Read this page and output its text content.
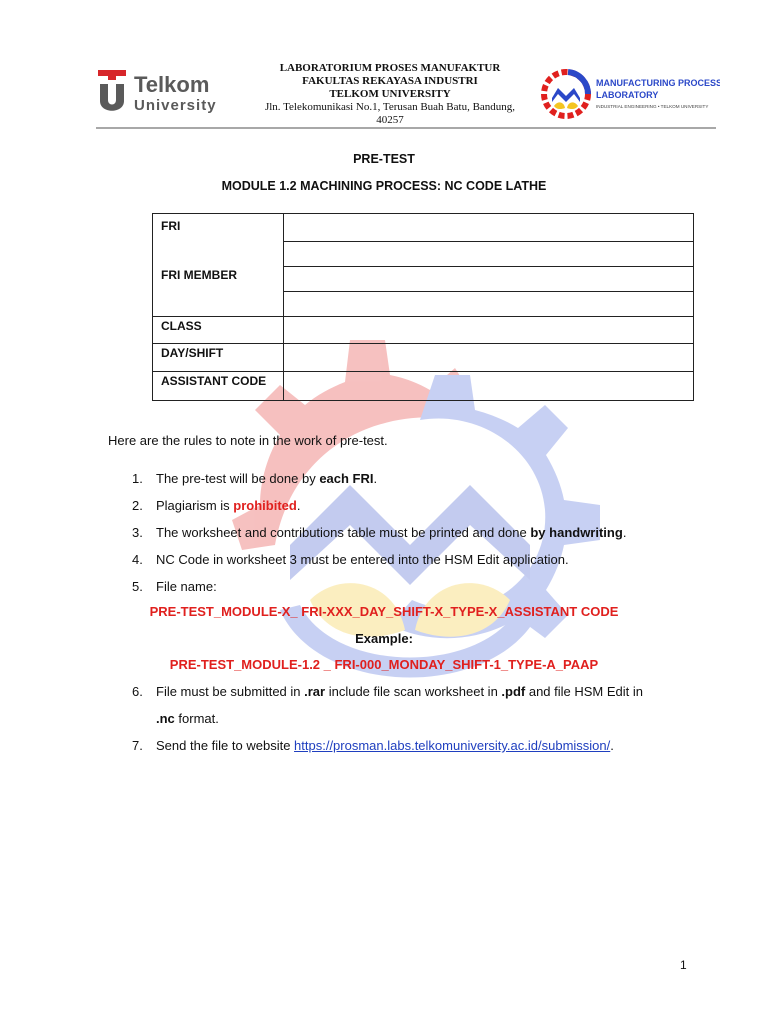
Telkom
University
LABORATORIUM PROSES MANUFAKTUR
FAKULTAS REKAYASA INDUSTRI
TELKOM UNIVERSITY
Jln. Telekomunikasi No.1, Terusan Buah Batu, Bandung,
40257
MANUFACTURING PROCESS
LABORATORY
INDUSTRIAL ENGINEERING • TELKOM UNIVERSITY
PRE-TEST
MODULE 1.2 MACHINING PROCESS: NC CODE LATHE
FRI
FRI MEMBER
CLASS
DAY/SHIFT
ASSISTANT CODE
Here are the rules to note in the work of pre-test.
1. The pre-test will be done by each FRI.
2. Plagiarism is prohibited.
3. The worksheet and contributions table must be printed and done by handwriting.
4. NC Code in worksheet 3 must be entered into the HSM Edit application.
5. File name:
PRE-TEST_MODULE-X_ FRI-XXX_DAY_SHIFT-X_TYPE-X_ASSISTANT CODE
Example:
PRE-TEST_MODULE-1.2 _ FRI-000_MONDAY_SHIFT-1_TYPE-A_PAAP
6. File must be submitted in .rar include file scan worksheet in .pdf and file HSM Edit in
.nc format.
7. Send the file to website https://prosman.labs.telkomuniversity.ac.id/submission/.
1
